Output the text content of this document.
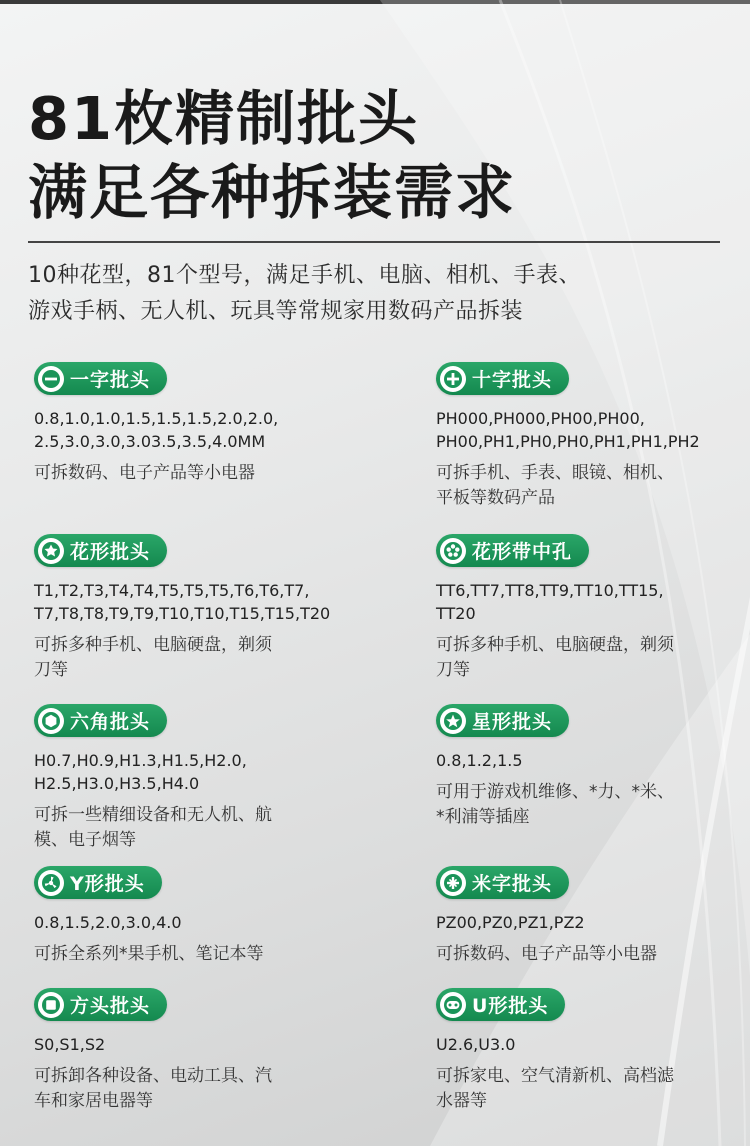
81枚精制批头
满足各种拆装需求
10种花型，81个型号，满足手机、电脑、相机、手表、
游戏手柄、无人机、玩具等常规家用数码产品拆装
一字批头
0.8,1.0,1.0,1.5,1.5,1.5,2.0,2.0,
2.5,3.0,3.0,3.03.5,3.5,4.0MM
可拆数码、电子产品等小电器
十字批头
PH000,PH000,PH00,PH00,
PH00,PH1,PH0,PH0,PH1,PH1,PH2
可拆手机、手表、眼镜、相机、
平板等数码产品
花形批头
T1,T2,T3,T4,T4,T5,T5,T5,T6,T6,T7,
T7,T8,T8,T9,T9,T10,T10,T15,T15,T20
可拆多种手机、电脑硬盘，剃须
刀等
花形带中孔
TT6,TT7,TT8,TT9,TT10,TT15,
TT20
可拆多种手机、电脑硬盘，剃须
刀等
六角批头
H0.7,H0.9,H1.3,H1.5,H2.0,
H2.5,H3.0,H3.5,H4.0
可拆一些精细设备和无人机、航
模、电子烟等
星形批头
0.8,1.2,1.5
可用于游戏机维修、*力、*米、
*利浦等插座
Y形批头
0.8,1.5,2.0,3.0,4.0
可拆全系列*果手机、笔记本等
米字批头
PZ00,PZ0,PZ1,PZ2
可拆数码、电子产品等小电器
方头批头
S0,S1,S2
可拆卸各种设备、电动工具、汽
车和家居电器等
U形批头
U2.6,U3.0
可拆家电、空气清新机、高档滤
水器等
